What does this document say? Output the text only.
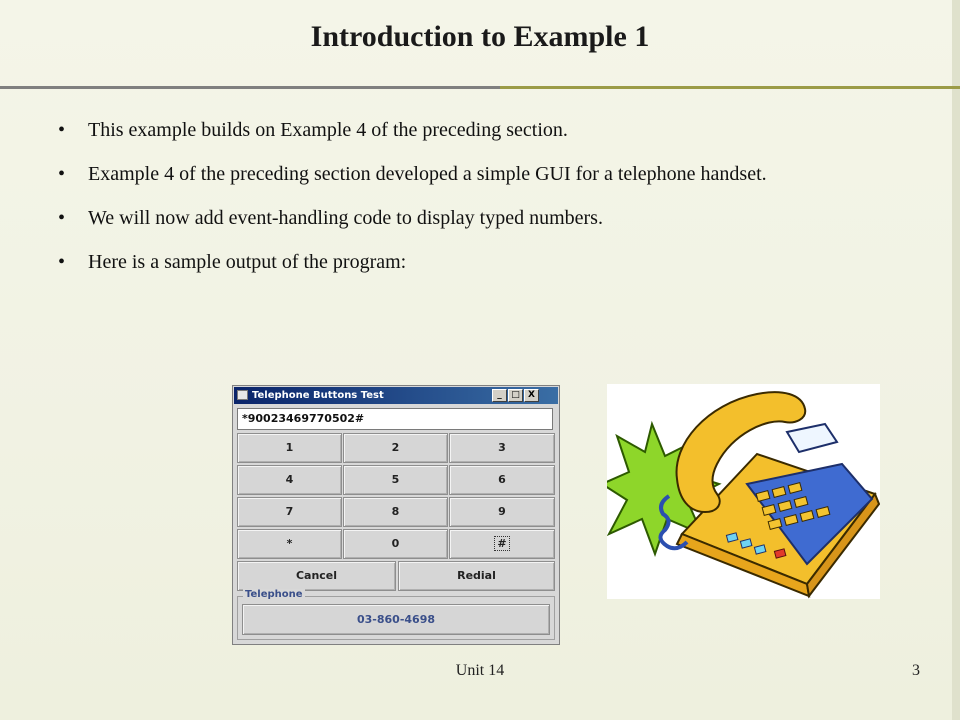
Introduction to Example 1
• This example builds on Example 4 of the preceding section.
• Example 4 of the preceding section developed a simple GUI for a telephone handset.
• We will now add event-handling code to display typed numbers.
• Here is a sample output of the program:
Telephone Buttons Test	_	□ X
*90023469770502#
1	2	3
4	5	6
7	8	9
*	0	#
Cancel	Redial
03-860-4698
Telephone
Unit 14	3
